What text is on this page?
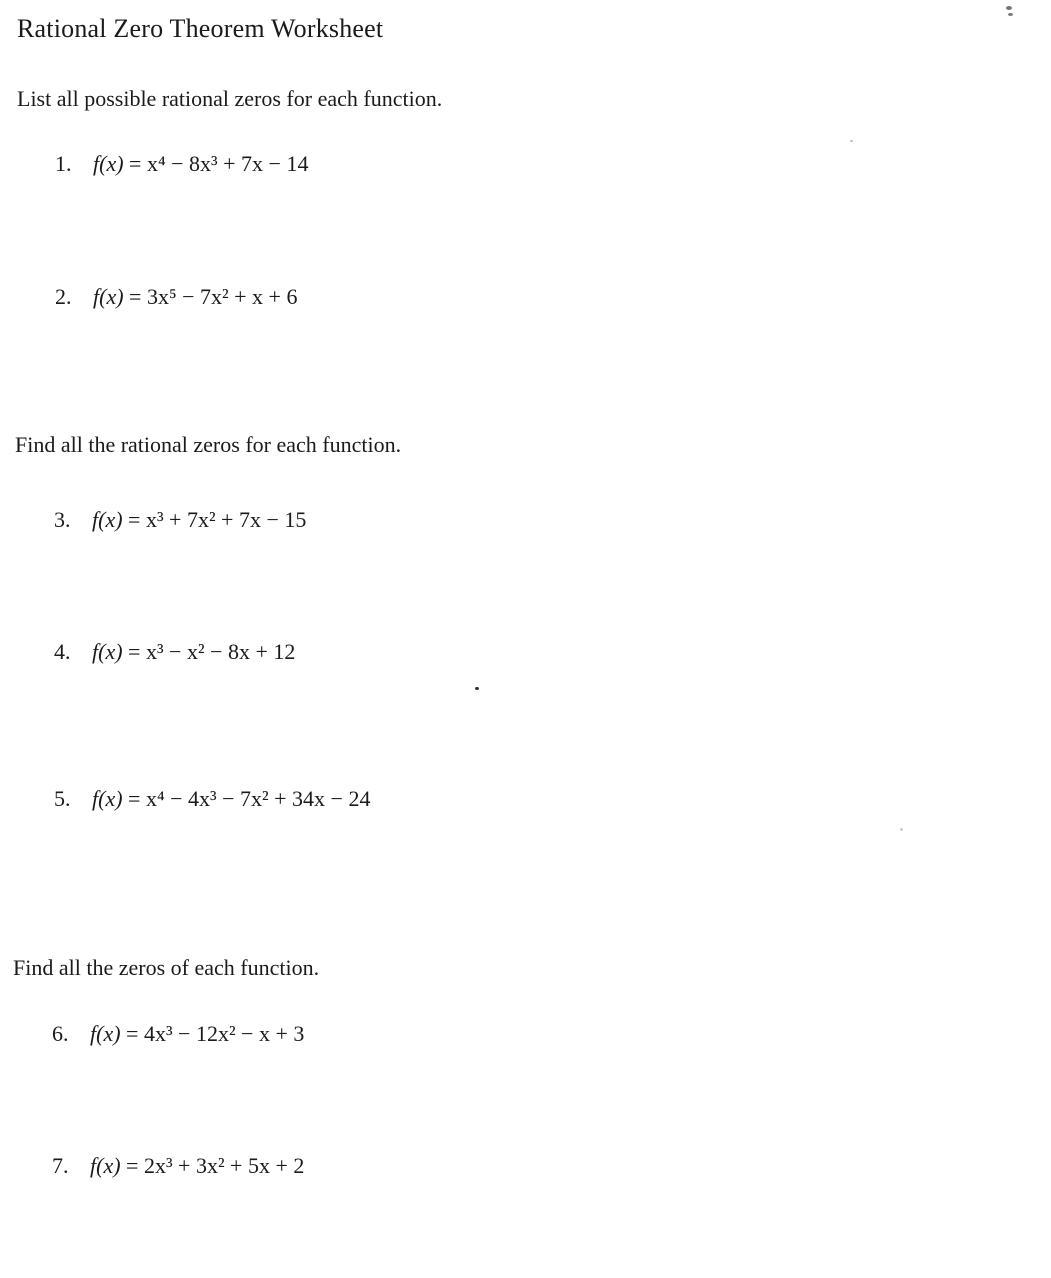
Rational Zero Theorem Worksheet
List all possible rational zeros for each function.
1. f(x) = x⁴ − 8x³ + 7x − 14
2. f(x) = 3x⁵ − 7x² + x + 6
Find all the rational zeros for each function.
3. f(x) = x³ + 7x² + 7x − 15
4. f(x) = x³ − x² − 8x + 12
5. f(x) = x⁴ − 4x³ − 7x² + 34x − 24
Find all the zeros of each function.
6. f(x) = 4x³ − 12x² − x + 3
7. f(x) = 2x³ + 3x² + 5x + 2
